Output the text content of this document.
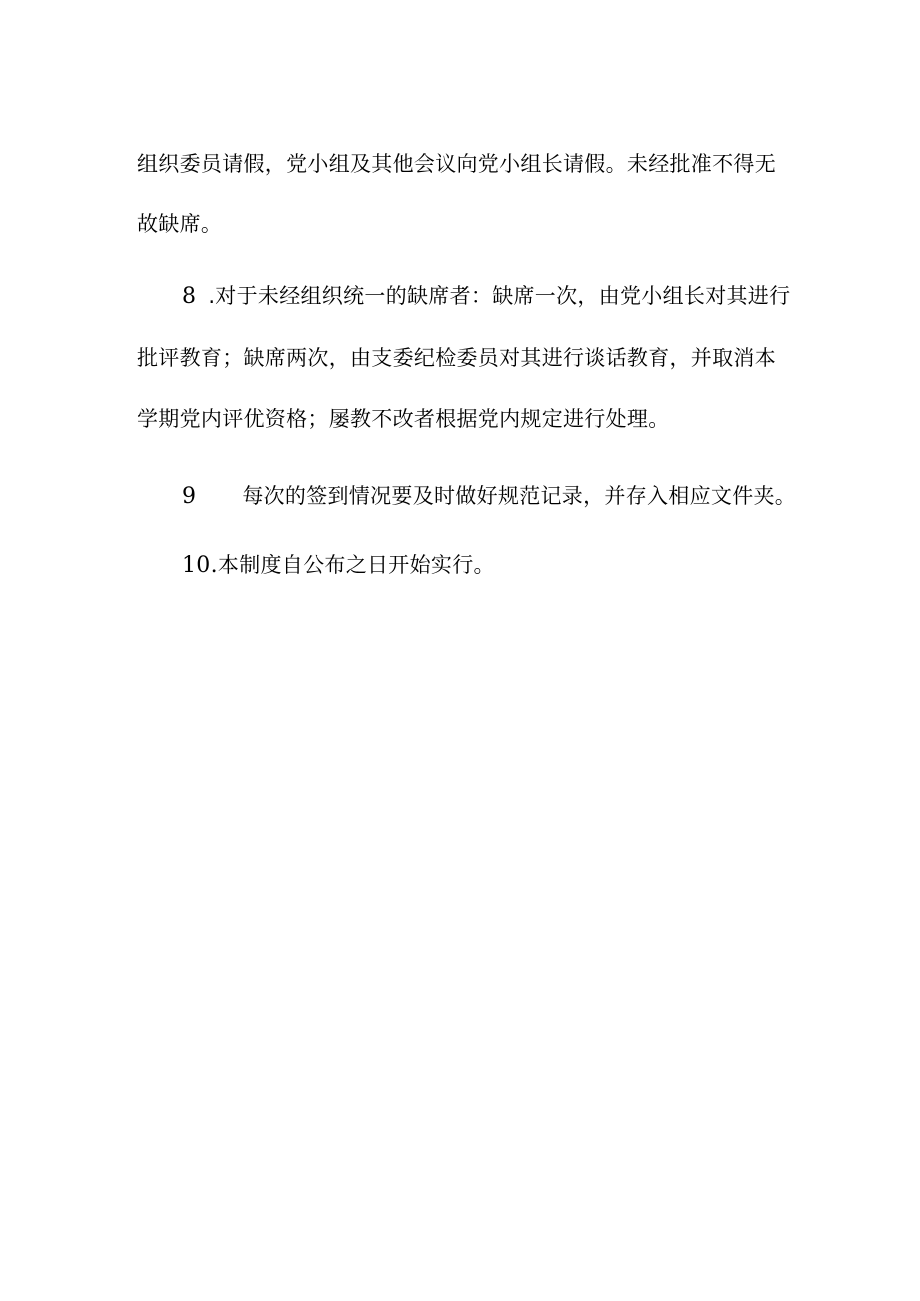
组织委员请假，党小组及其他会议向党小组长请假。未经批准不得无
故缺席。
8 .对于未经组织统一的缺席者：缺席一次，由党小组长对其进行
批评教育；缺席两次，由支委纪检委员对其进行谈话教育，并取消本
学期党内评优资格；屡教不改者根据党内规定进行处理。
9 每次的签到情况要及时做好规范记录，并存入相应文件夹。
10.本制度自公布之日开始实行。
